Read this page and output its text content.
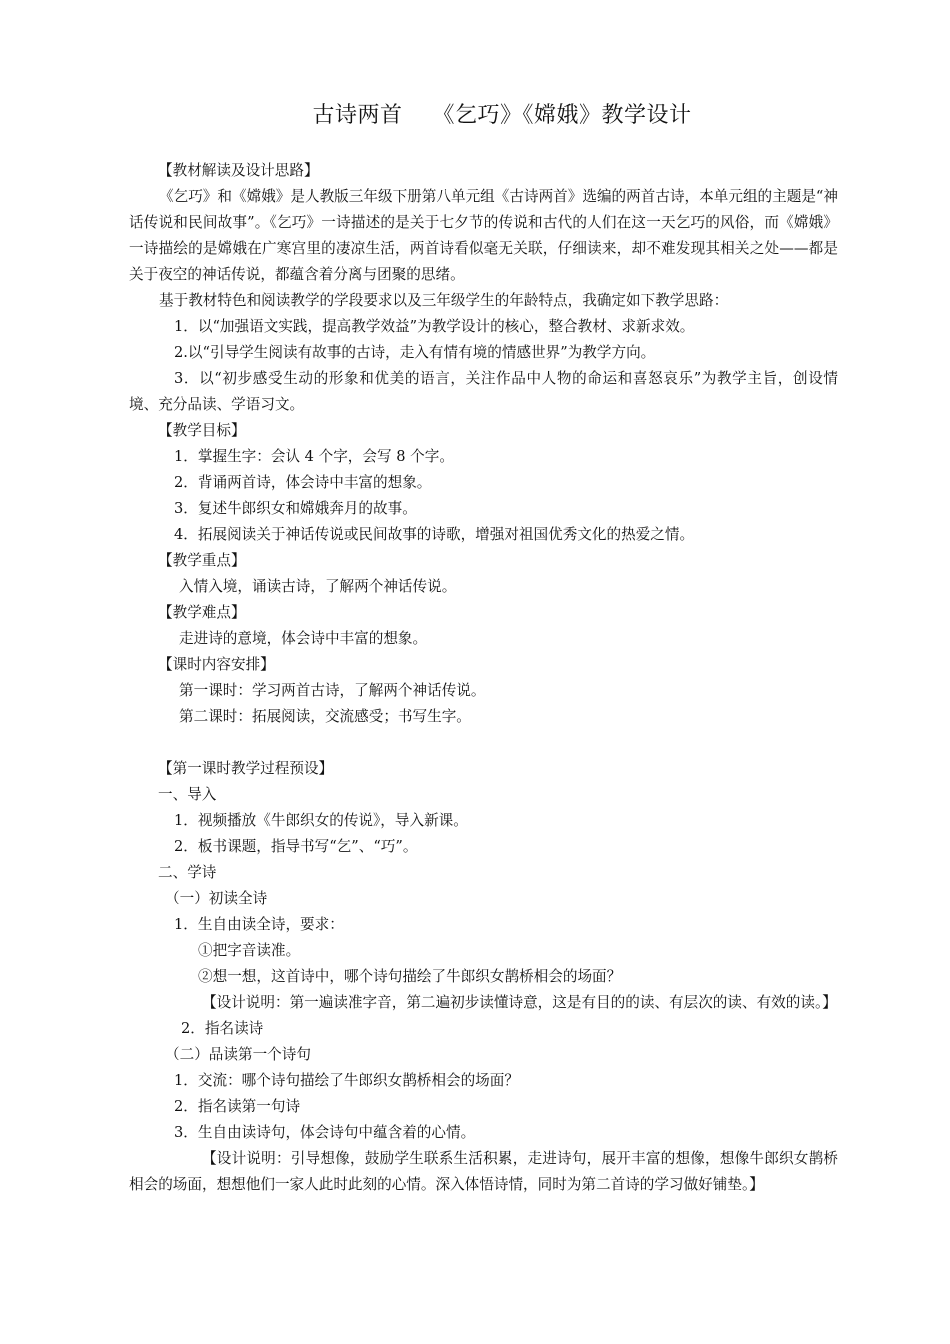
古诗两首　 《乞巧》《嫦娥》教学设计

【教材解读及设计思路】

《乞巧》和《嫦娥》是人教版三年级下册第八单元组《古诗两首》选编的两首古诗，本单元组的主题是“神话传说和民间故事”。《乞巧》一诗描述的是关于七夕节的传说和古代的人们在这一天乞巧的风俗，而《嫦娥》一诗描绘的是嫦娥在广寒宫里的凄凉生活，两首诗看似毫无关联，仔细读来，却不难发现其相关之处——都是关于夜空的神话传说，都蕴含着分离与团聚的思绪。

基于教材特色和阅读教学的学段要求以及三年级学生的年龄特点，我确定如下教学思路：

1．以“加强语文实践，提高教学效益”为教学设计的核心，整合教材、求新求效。

2.以“引导学生阅读有故事的古诗，走入有情有境的情感世界”为教学方向。

3．以“初步感受生动的形象和优美的语言，关注作品中人物的命运和喜怒哀乐”为教学主旨，创设情境、充分品读、学语习文。

【教学目标】

1．掌握生字：会认 4 个字，会写 8 个字。

2．背诵两首诗，体会诗中丰富的想象。

3．复述牛郎织女和嫦娥奔月的故事。

4．拓展阅读关于神话传说或民间故事的诗歌，增强对祖国优秀文化的热爱之情。

【教学重点】

入情入境，诵读古诗，了解两个神话传说。

【教学难点】

走进诗的意境，体会诗中丰富的想象。

【课时内容安排】

第一课时：学习两首古诗，了解两个神话传说。

第二课时：拓展阅读，交流感受；书写生字。

【第一课时教学过程预设】

一、导入

1．视频播放《牛郎织女的传说》，导入新课。

2．板书课题，指导书写“乞”、“巧”。

二、学诗

（一）初读全诗

1．生自由读全诗，要求：

①把字音读准。

②想一想，这首诗中，哪个诗句描绘了牛郎织女鹊桥相会的场面？

【设计说明：第一遍读准字音，第二遍初步读懂诗意，这是有目的的读、有层次的读、有效的读。】

2．指名读诗

（二）品读第一个诗句

1．交流：哪个诗句描绘了牛郎织女鹊桥相会的场面？

2．指名读第一句诗

3．生自由读诗句，体会诗句中蕴含着的心情。

【设计说明：引导想像，鼓励学生联系生活积累，走进诗句，展开丰富的想像，想像牛郎织女鹊桥相会的场面，想想他们一家人此时此刻的心情。深入体悟诗情，同时为第二首诗的学习做好铺垫。】
